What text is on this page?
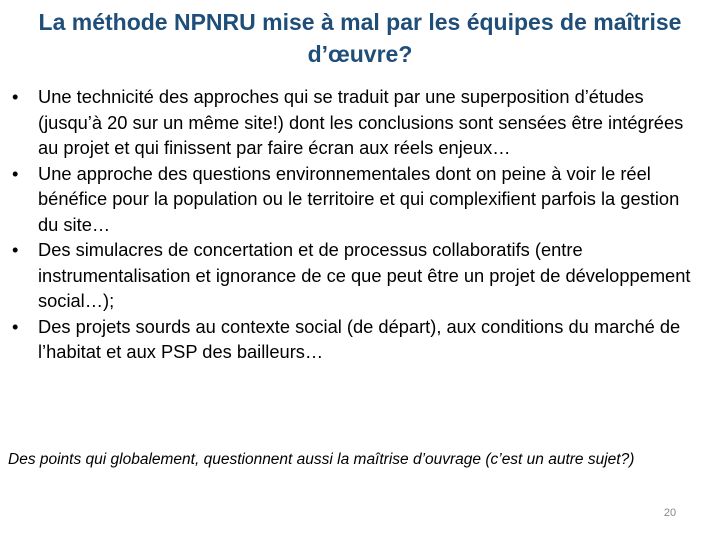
La méthode NPNRU mise à mal par les équipes de maîtrise d’œuvre?
•	Une technicité des approches qui se traduit par une superposition d’études (jusqu’à 20 sur un même site!) dont les conclusions sont sensées être intégrées au projet et qui finissent par faire écran aux réels enjeux…
•	Une approche des questions environnementales dont on peine à voir le réel bénéfice pour la population ou le territoire et qui complexifient parfois la gestion du site…
•	Des simulacres de concertation et de processus collaboratifs (entre instrumentalisation et ignorance de ce que peut être un projet de développement social…);
•	Des projets sourds au contexte social (de départ), aux conditions du marché de l’habitat et aux PSP des bailleurs…
Des points qui globalement, questionnent aussi la maîtrise d’ouvrage (c’est un autre sujet?)
20
